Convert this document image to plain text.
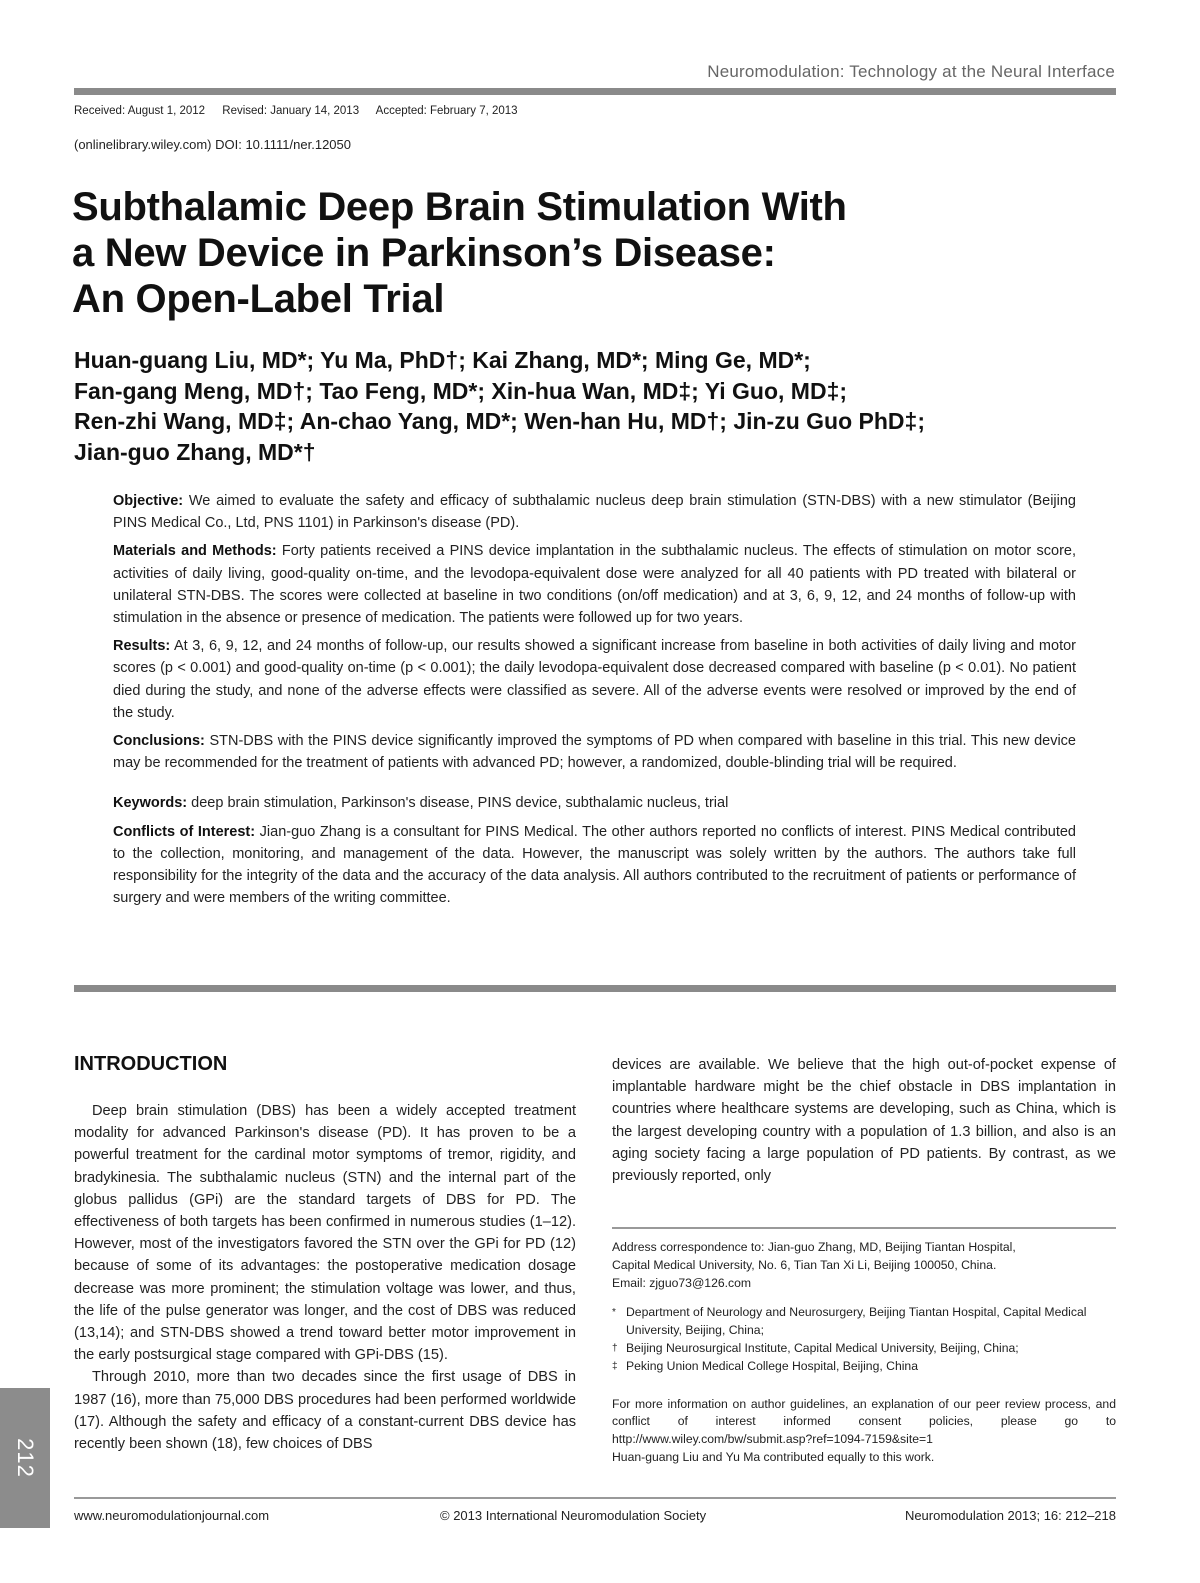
Neuromodulation: Technology at the Neural Interface
Received: August 1, 2012 Revised: January 14, 2013 Accepted: February 7, 2013
(onlinelibrary.wiley.com) DOI: 10.1111/ner.12050
Subthalamic Deep Brain Stimulation With
a New Device in Parkinson’s Disease:
An Open-Label Trial
Huan-guang Liu, MD*; Yu Ma, PhD†; Kai Zhang, MD*; Ming Ge, MD*;
Fan-gang Meng, MD†; Tao Feng, MD*; Xin-hua Wan, MD‡; Yi Guo, MD‡;
Ren-zhi Wang, MD‡; An-chao Yang, MD*; Wen-han Hu, MD†; Jin-zu Guo PhD‡;
Jian-guo Zhang, MD*†

Objective: We aimed to evaluate the safety and efficacy of subthalamic nucleus deep brain stimulation (STN-DBS) with a new stimulator (Beijing PINS Medical Co., Ltd, PNS 1101) in Parkinson's disease (PD).

Materials and Methods: Forty patients received a PINS device implantation in the subthalamic nucleus. The effects of stimulation on motor score, activities of daily living, good-quality on-time, and the levodopa-equivalent dose were analyzed for all 40 patients with PD treated with bilateral or unilateral STN-DBS. The scores were collected at baseline in two conditions (on/off medication) and at 3, 6, 9, 12, and 24 months of follow-up with stimulation in the absence or presence of medication. The patients were followed up for two years.

Results: At 3, 6, 9, 12, and 24 months of follow-up, our results showed a significant increase from baseline in both activities of daily living and motor scores (p < 0.001) and good-quality on-time (p < 0.001); the daily levodopa-equivalent dose decreased compared with baseline (p < 0.01). No patient died during the study, and none of the adverse effects were classified as severe. All of the adverse events were resolved or improved by the end of the study.

Conclusions: STN-DBS with the PINS device significantly improved the symptoms of PD when compared with baseline in this trial. This new device may be recommended for the treatment of patients with advanced PD; however, a randomized, double-blinding trial will be required.

Keywords: deep brain stimulation, Parkinson's disease, PINS device, subthalamic nucleus, trial

Conflicts of Interest: Jian-guo Zhang is a consultant for PINS Medical. The other authors reported no conflicts of interest. PINS Medical contributed to the collection, monitoring, and management of the data. However, the manuscript was solely written by the authors. The authors take full responsibility for the integrity of the data and the accuracy of the data analysis. All authors contributed to the recruitment of patients or performance of surgery and were members of the writing committee.

INTRODUCTION

Deep brain stimulation (DBS) has been a widely accepted treatment modality for advanced Parkinson's disease (PD). It has proven to be a powerful treatment for the cardinal motor symptoms of tremor, rigidity, and bradykinesia. The subthalamic nucleus (STN) and the internal part of the globus pallidus (GPi) are the standard targets of DBS for PD. The effectiveness of both targets has been confirmed in numerous studies (1–12). However, most of the investigators favored the STN over the GPi for PD (12) because of some of its advantages: the postoperative medication dosage decrease was more prominent; the stimulation voltage was lower, and thus, the life of the pulse generator was longer, and the cost of DBS was reduced (13,14); and STN-DBS showed a trend toward better motor improvement in the early postsurgical stage compared with GPi-DBS (15).

Through 2010, more than two decades since the first usage of DBS in 1987 (16), more than 75,000 DBS procedures had been performed worldwide (17). Although the safety and efficacy of a constant-current DBS device has recently been shown (18), few choices of DBS

devices are available. We believe that the high out-of-pocket expense of implantable hardware might be the chief obstacle in DBS implantation in countries where healthcare systems are developing, such as China, which is the largest developing country with a population of 1.3 billion, and also is an aging society facing a large population of PD patients. By contrast, as we previously reported, only

Address correspondence to: Jian-guo Zhang, MD, Beijing Tiantan Hospital,

Capital Medical University, No. 6, Tian Tan Xi Li, Beijing 100050, China.

Email: zjguo73@126.com

* Department of Neurology and Neurosurgery, Beijing Tiantan Hospital, Capital Medical University, Beijing, China;
† Beijing Neurosurgical Institute, Capital Medical University, Beijing, China;
‡ Peking Union Medical College Hospital, Beijing, China

For more information on author guidelines, an explanation of our peer review process, and conflict of interest informed consent policies, please go to http://www.wiley.com/bw/submit.asp?ref=1094-7159&site=1

Huan-guang Liu and Yu Ma contributed equally to this work.

212
www.neuromodulationjournal.com	© 2013 International Neuromodulation Society	Neuromodulation 2013; 16: 212–218
